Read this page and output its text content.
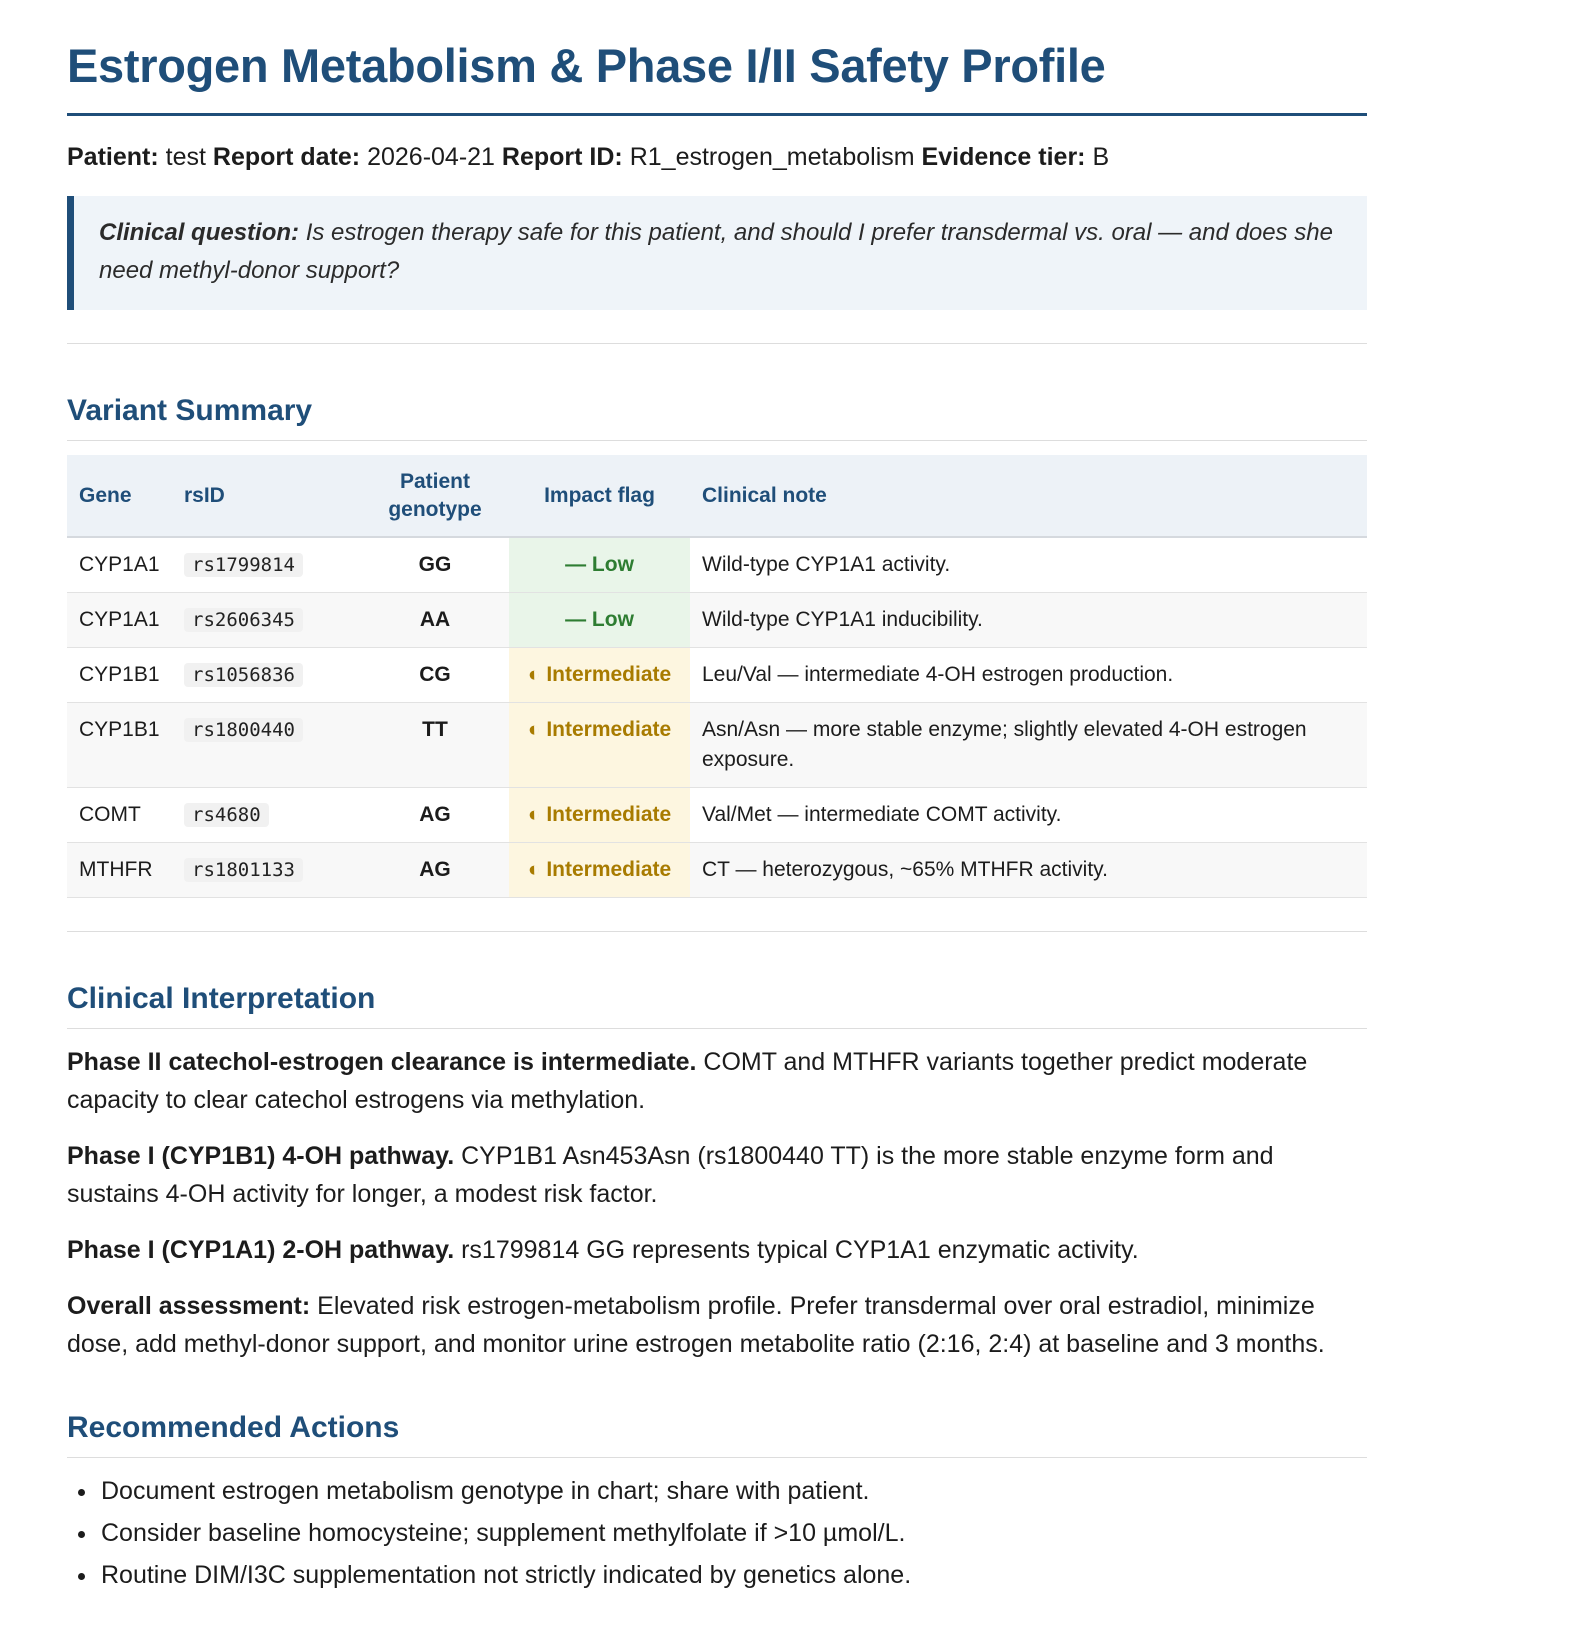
Estrogen Metabolism & Phase I/II Safety Profile
Patient: test Report date: 2026-04-21 Report ID: R1_estrogen_metabolism Evidence tier: B
Clinical question: Is estrogen therapy safe for this patient, and should I prefer transdermal vs. oral — and does she need methyl-donor support?
Variant Summary
Gene	rsID	Patient genotype	Impact flag	Clinical note
CYP1A1	rs1799814	GG	— Low	Wild-type CYP1A1 activity.
CYP1A1	rs2606345	AA	— Low	Wild-type CYP1A1 inducibility.
CYP1B1	rs1056836	CG	◐ Intermediate	Leu/Val — intermediate 4-OH estrogen production.
CYP1B1	rs1800440	TT	◐ Intermediate	Asn/Asn — more stable enzyme; slightly elevated 4-OH estrogen exposure.
COMT	rs4680	AG	◐ Intermediate	Val/Met — intermediate COMT activity.
MTHFR	rs1801133	AG	◐ Intermediate	CT — heterozygous, ~65% MTHFR activity.
Clinical Interpretation

Phase II catechol-estrogen clearance is intermediate. COMT and MTHFR variants together predict moderate capacity to clear catechol estrogens via methylation.

Phase I (CYP1B1) 4-OH pathway. CYP1B1 Asn453Asn (rs1800440 TT) is the more stable enzyme form and sustains 4-OH activity for longer, a modest risk factor.

Phase I (CYP1A1) 2-OH pathway. rs1799814 GG represents typical CYP1A1 enzymatic activity.

Overall assessment: Elevated risk estrogen-metabolism profile. Prefer transdermal over oral estradiol, minimize dose, add methyl-donor support, and monitor urine estrogen metabolite ratio (2:16, 2:4) at baseline and 3 months.

Recommended Actions
• Document estrogen metabolism genotype in chart; share with patient.
• Consider baseline homocysteine; supplement methylfolate if >10 µmol/L.
• Routine DIM/I3C supplementation not strictly indicated by genetics alone.
